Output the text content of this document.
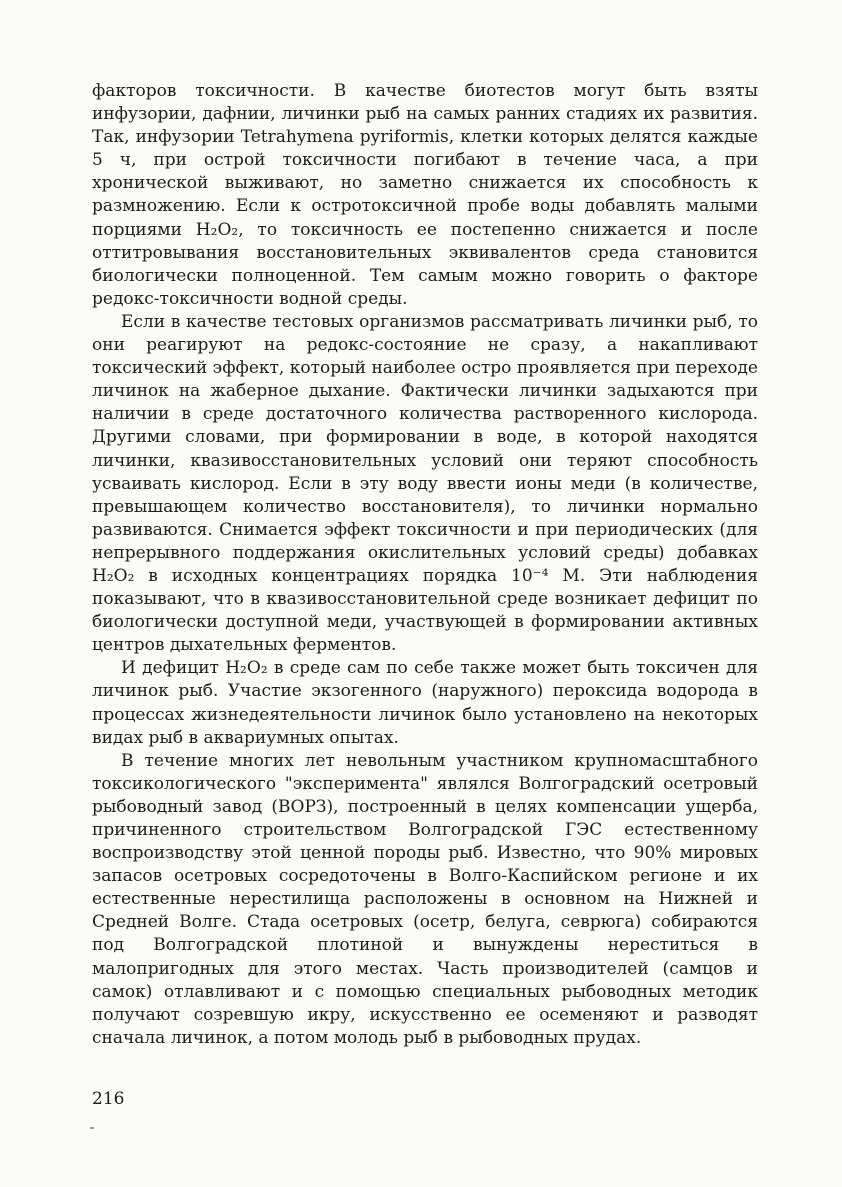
факторов токсичности. В качестве биотестов могут быть взяты инфузории, дафнии, личинки рыб на самых ранних стадиях их развития. Так, инфузории Tetrahymena pyriformis, клетки которых делятся каждые 5 ч, при острой токсичности погибают в течение часа, а при хронической выживают, но заметно снижается их способность к размножению. Если к остротоксичной пробе воды добавлять малыми порциями H₂O₂, то токсичность ее постепенно снижается и после оттитровывания восстановительных эквивалентов среда становится биологически полноценной. Тем самым можно говорить о факторе редокс-токсичности водной среды.

Если в качестве тестовых организмов рассматривать личинки рыб, то они реагируют на редокс-состояние не сразу, а накапливают токсический эффект, который наиболее остро проявляется при переходе личинок на жаберное дыхание. Фактически личинки задыхаются при наличии в среде достаточного количества растворенного кислорода. Другими словами, при формировании в воде, в которой находятся личинки, квазивосстановительных условий они теряют способность усваивать кислород. Если в эту воду ввести ионы меди (в количестве, превышающем количество восстановителя), то личинки нормально развиваются. Снимается эффект токсичности и при периодических (для непрерывного поддержания окислительных условий среды) добавках H₂O₂ в исходных концентрациях порядка 10⁻⁴ М. Эти наблюдения показывают, что в квазивосстановительной среде возникает дефицит по биологически доступной меди, участвующей в формировании активных центров дыхательных ферментов.

И дефицит H₂O₂ в среде сам по себе также может быть токсичен для личинок рыб. Участие экзогенного (наружного) пероксида водорода в процессах жизнедеятельности личинок было установлено на некоторых видах рыб в аквариумных опытах.

В течение многих лет невольным участником крупномасштабного токсикологического "эксперимента" являлся Волгоградский осетровый рыбоводный завод (ВОРЗ), построенный в целях компенсации ущерба, причиненного строительством Волгоградской ГЭС естественному воспроизводству этой ценной породы рыб. Известно, что 90% мировых запасов осетровых сосредоточены в Волго-Каспийском регионе и их естественные нерестилища расположены в основном на Нижней и Средней Волге. Стада осетровых (осетр, белуга, севрюга) собираются под Волгоградской плотиной и вынуждены нереститься в малопригодных для этого местах. Часть производителей (самцов и самок) отлавливают и с помощью специальных рыбоводных методик получают созревшую икру, искусственно ее осеменяют и разводят сначала личинок, а потом молодь рыб в рыбоводных прудах.

216
